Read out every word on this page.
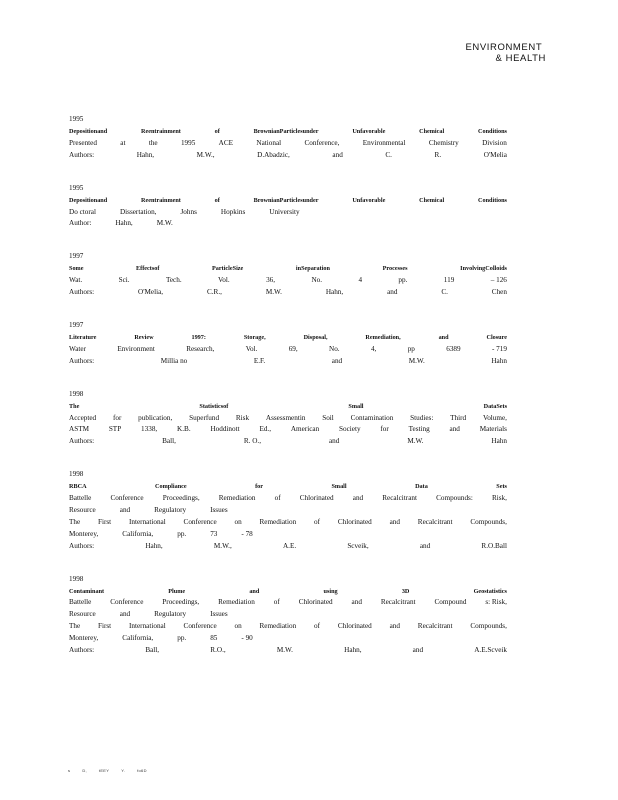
ENVIRONMENT
& HEALTH
1995
Depositionand	Reentrainment	of	BrownianParticlesunder	Unfavorable	Chemical	Conditions
Presented	at	the	1995	ACE	National	Conference,	Environmental	Chemistry	Division
Authors:	Hahn,	M.W.,	D.Abadzic,	and	C.	R.	O'Melia
1995
Depositionand	Reentrainment	of	BrownianParticlesunder	Unfavorable	Chemical	Conditions
Do ctoral	Dissertation,	Johns	Hopkins	University
Author:	Hahn,	M.W.
1997
Some	Effectsof	ParticleSize	inSeparation	Processes	InvolvingColloids
Wat.	Sci.	Tech.	Vol.	36,	No.	4	pp.	119	– 126
Authors:	O'Melia,	C.R.,	M.W.	Hahn,	and	C.	Chen
1997
Literature	Review	1997:	Storage,	Disposal,	Remediation,	and	Closure
Water	Environment	Research,	Vol.	69,	No.	4,	pp	6389	- 719
Authors:	Millia no	E.F.	and	M.W.	Hahn
1998
The	Statisticsof	Small	DataSets
Accepted for publication, Superfund Risk Assessmentin Soil Contamination Studies: Third Volume,
ASTM	STP	1338,	K.B.	Hoddinott	Ed.,	American	Society	for	Testing	and	Materials
Authors:	Ball,	R. O.,	and	M.W.	Hahn
1998
RBCA	Compliance	for	Small	Data	Sets
Battelle	Conference	Proceedings,	Remediation	of	Chlorinated	and	Recalcitrant	Compounds:	Risk,
Resource	and	Regulatory	Issues
The First International Conference on Remediation of Chlorinated and Recalcitrant Compounds,
Monterey,	California,	pp.	73	- 78
Authors:	Hahn,	M.W.,	A.E.	Scveik,	and	R.O.Ball
1998
Contaminant	Plume	and	using	3D	Geostatistics
Battelle	Conference	Proceedings,	Remediation	of	Chlorinated	and	Recalcitrant	Compound	s: Risk,
Resource	and	Regulatory	Issues
The First International Conference on Remediation of Chlorinated and Recalcitrant Compounds,
Monterey,	California,	pp.	85	- 90
Authors:	Ball,	R.O.,	M.W.	Hahn,	and	A.E.Scveik
s	D,	tEEY	Y.	fo6D
